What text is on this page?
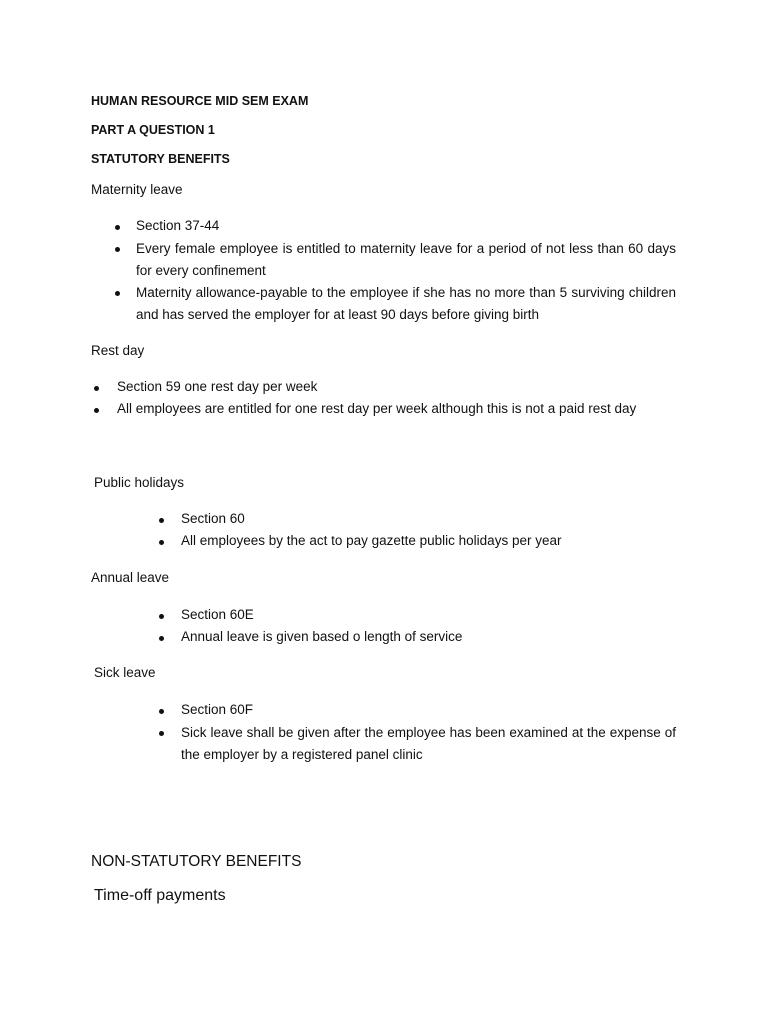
HUMAN RESOURCE MID SEM EXAM
PART A QUESTION 1
STATUTORY BENEFITS
Maternity leave
Section 37-44
Every female employee is entitled to maternity leave for a period of not less than 60 days for every confinement
Maternity allowance-payable to the employee if she has no more than 5 surviving children and has served the employer for at least 90 days before giving birth
Rest day
Section 59 one rest day per week
All employees are entitled for one rest day per week although this is not a paid rest day
Public holidays
Section 60
All employees by the act to pay gazette public holidays per year
Annual leave
Section 60E
Annual leave is given based o length of service
Sick leave
Section 60F
Sick leave shall be given after the employee has been examined at the expense of the employer by a registered panel clinic
NON-STATUTORY BENEFITS
Time-off payments
